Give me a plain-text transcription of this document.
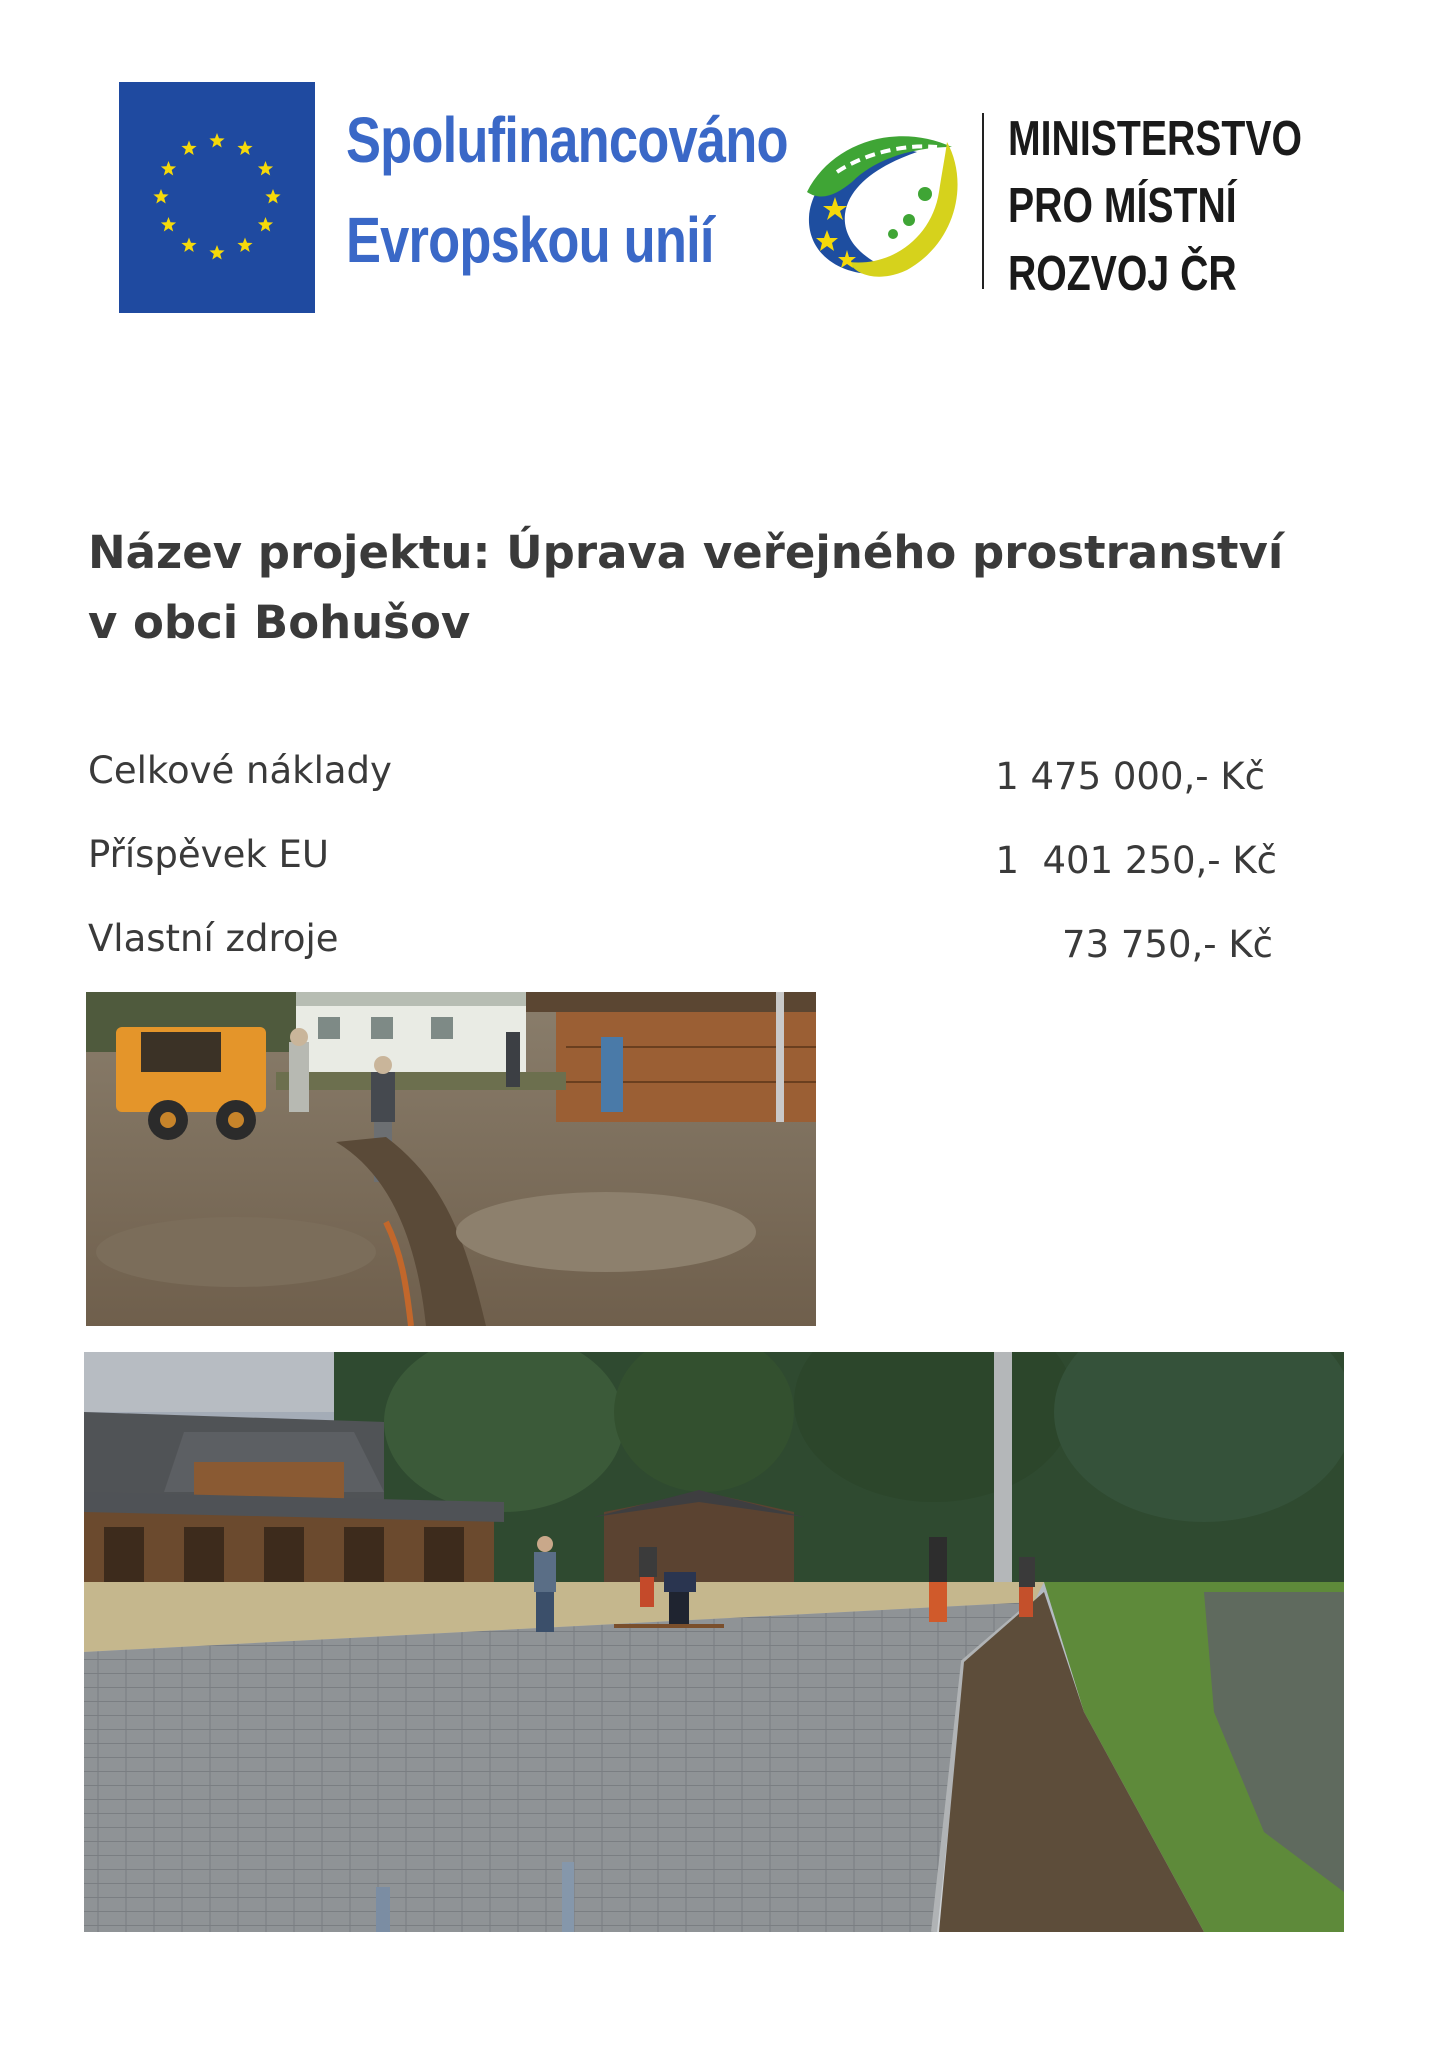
Spolufinancováno
Evropskou unií
MINISTERSTVO
PRO MÍSTNÍ
ROZVOJ ČR
Název projektu: Úprava veřejného prostranství
v obci Bohušov
Celkové náklady	1 475 000,- Kč
Příspěvek EU	1  401 250,- Kč
Vlastní zdroje	73 750,- Kč
